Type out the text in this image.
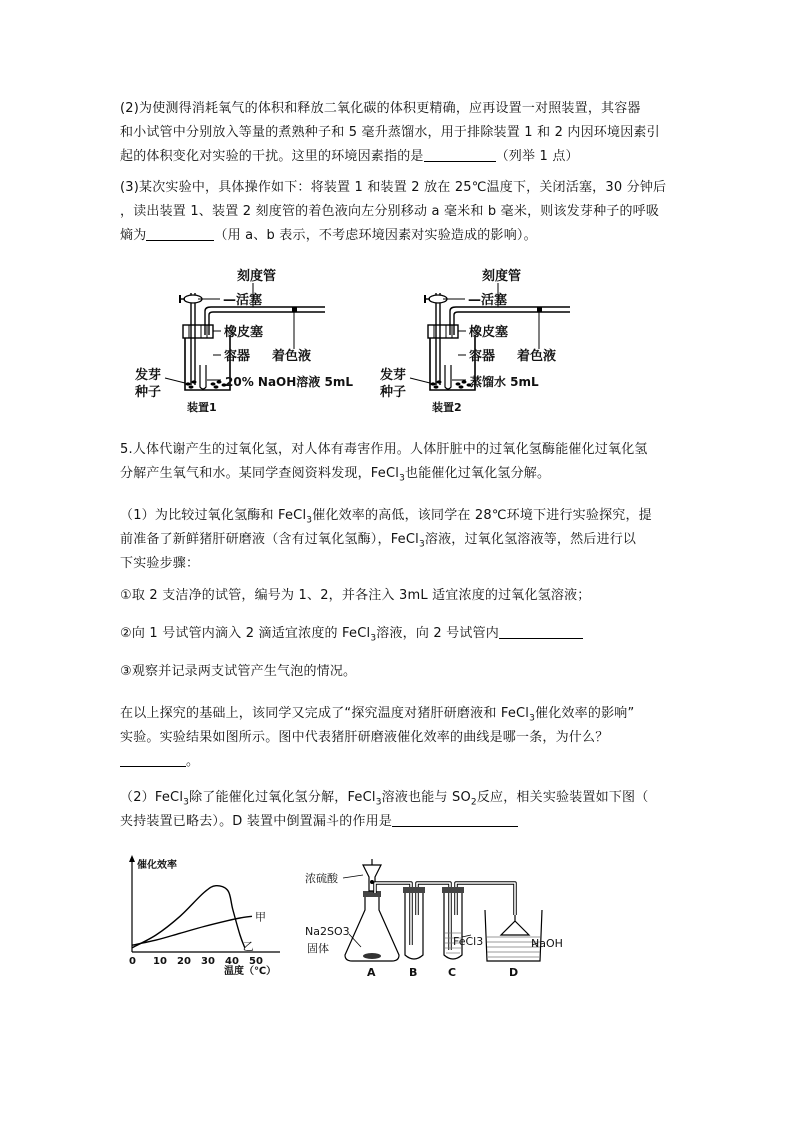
(2)为使测得消耗氧气的体积和释放二氧化碳的体积更精确，应再设置一对照装置，其容器

和小试管中分别放入等量的煮熟种子和 5 毫升蒸馏水，用于排除装置 1 和 2 内因环境因素引

起的体积变化对实验的干扰。这里的环境因素指的是	（列举 1 点）

(3)某次实验中，具体操作如下：将装置 1 和装置 2 放在 25℃温度下，关闭活塞，30 分钟后

，读出装置 1、装置 2 刻度管的着色液向左分别移动 a 毫米和 b 毫米，则该发芽种子的呼吸

熵为	（用 a、b 表示，不考虑环境因素对实验造成的影响）。

刻度管
—活塞
橡皮塞
容器 着色液
发芽
种子
20% NaOH溶液 5mL
装置1
刻度管
—活塞
橡皮塞
容器 着色液
发芽
种子
蒸馏水 5mL
装置2

5.人体代谢产生的过氧化氢，对人体有毒害作用。人体肝脏中的过氧化氢酶能催化过氧化氢

分解产生氧气和水。某同学查阅资料发现，FeCl$_3$也能催化过氧化氢分解。

（1）为比较过氧化氢酶和 FeCl$_3$催化效率的高低，该同学在 28℃环境下进行实验探究，提

前准备了新鲜猪肝研磨液（含有过氧化氢酶），FeCl$_3$溶液，过氧化氢溶液等，然后进行以

下实验步骤：

①取 2 支洁净的试管，编号为 1、2，并各注入 3mL 适宜浓度的过氧化氢溶液；

②向 1 号试管内滴入 2 滴适宜浓度的 FeCl$_3$溶液，向 2 号试管内

③观察并记录两支试管产生气泡的情况。

在以上探究的基础上，该同学又完成了“探究温度对猪肝研磨液和 FeCl$_3$催化效率的影响”

实验。实验结果如图所示。图中代表猪肝研磨液催化效率的曲线是哪一条，为什么？

。

（2）FeCl$_3$除了能催化过氧化氢分解，FeCl$_3$溶液也能与 $SO_2$反应，相关实验装置如下图（

夹持装置已略去）。D 装置中倒置漏斗的作用是

催化效率
温度（℃）
0 10 20 30 40 50
甲
乙
浓硫酸
Na2SO3
固体
FeCl3	NaOH
A	B	C	D
